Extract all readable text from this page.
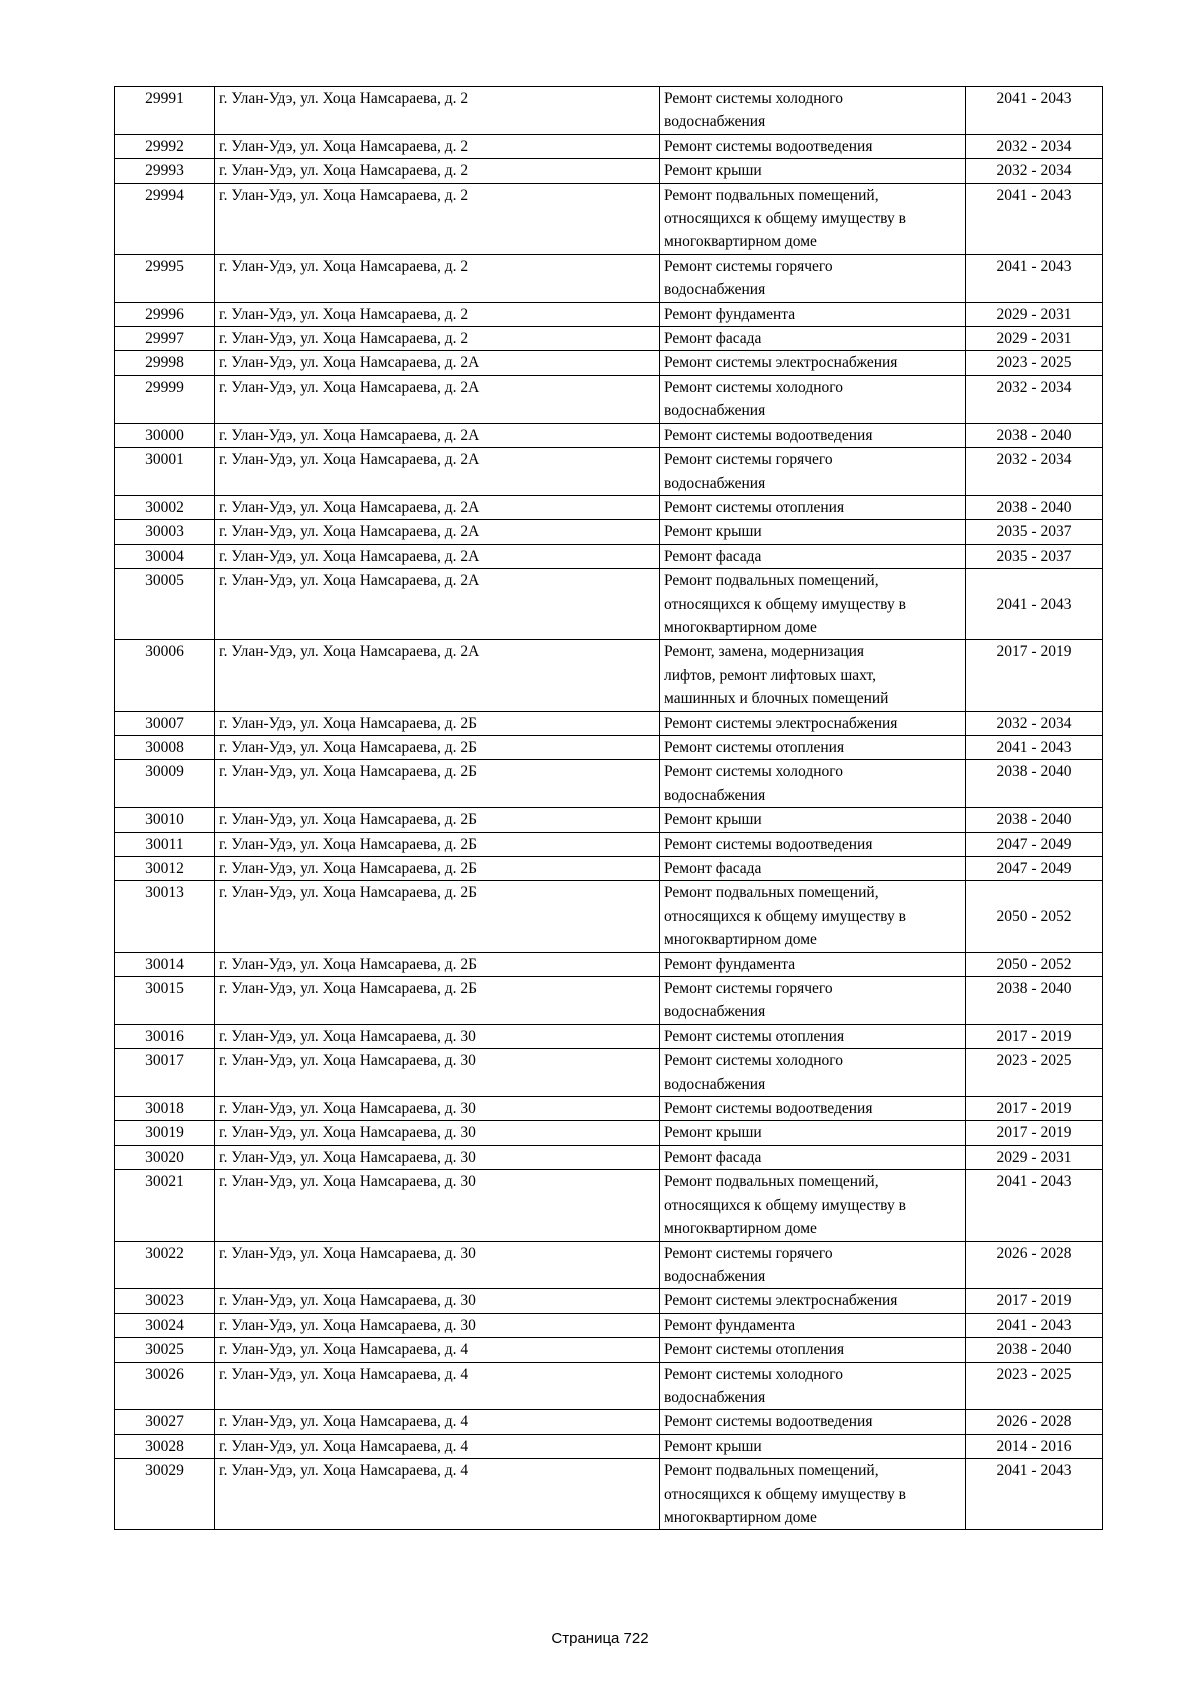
29991	г. Улан-Удэ, ул. Хоца Намсараева, д. 2	Ремонт системы холодного
водоснабжения	2041 - 2043
29992	г. Улан-Удэ, ул. Хоца Намсараева, д. 2	Ремонт системы водоотведения	2032 - 2034
29993	г. Улан-Удэ, ул. Хоца Намсараева, д. 2	Ремонт крыши	2032 - 2034
29994	г. Улан-Удэ, ул. Хоца Намсараева, д. 2	Ремонт подвальных помещений,
относящихся к общему имуществу в
многоквартирном доме	2041 - 2043
29995	г. Улан-Удэ, ул. Хоца Намсараева, д. 2	Ремонт системы горячего
водоснабжения	2041 - 2043
29996	г. Улан-Удэ, ул. Хоца Намсараева, д. 2	Ремонт фундамента	2029 - 2031
29997	г. Улан-Удэ, ул. Хоца Намсараева, д. 2	Ремонт фасада	2029 - 2031
29998	г. Улан-Удэ, ул. Хоца Намсараева, д. 2А	Ремонт системы электроснабжения	2023 - 2025
29999	г. Улан-Удэ, ул. Хоца Намсараева, д. 2А	Ремонт системы холодного
водоснабжения	2032 - 2034
30000	г. Улан-Удэ, ул. Хоца Намсараева, д. 2А	Ремонт системы водоотведения	2038 - 2040
30001	г. Улан-Удэ, ул. Хоца Намсараева, д. 2А	Ремонт системы горячего
водоснабжения	2032 - 2034
30002	г. Улан-Удэ, ул. Хоца Намсараева, д. 2А	Ремонт системы отопления	2038 - 2040
30003	г. Улан-Удэ, ул. Хоца Намсараева, д. 2А	Ремонт крыши	2035 - 2037
30004	г. Улан-Удэ, ул. Хоца Намсараева, д. 2А	Ремонт фасада	2035 - 2037
30005	г. Улан-Удэ, ул. Хоца Намсараева, д. 2А	Ремонт подвальных помещений,
относящихся к общему имуществу в
многоквартирном доме	2041 - 2043
30006	г. Улан-Удэ, ул. Хоца Намсараева, д. 2А	Ремонт, замена, модернизация
лифтов, ремонт лифтовых шахт,
машинных и блочных помещений	2017 - 2019
30007	г. Улан-Удэ, ул. Хоца Намсараева, д. 2Б	Ремонт системы электроснабжения	2032 - 2034
30008	г. Улан-Удэ, ул. Хоца Намсараева, д. 2Б	Ремонт системы отопления	2041 - 2043
30009	г. Улан-Удэ, ул. Хоца Намсараева, д. 2Б	Ремонт системы холодного
водоснабжения	2038 - 2040
30010	г. Улан-Удэ, ул. Хоца Намсараева, д. 2Б	Ремонт крыши	2038 - 2040
30011	г. Улан-Удэ, ул. Хоца Намсараева, д. 2Б	Ремонт системы водоотведения	2047 - 2049
30012	г. Улан-Удэ, ул. Хоца Намсараева, д. 2Б	Ремонт фасада	2047 - 2049
30013	г. Улан-Удэ, ул. Хоца Намсараева, д. 2Б	Ремонт подвальных помещений,
относящихся к общему имуществу в
многоквартирном доме	2050 - 2052
30014	г. Улан-Удэ, ул. Хоца Намсараева, д. 2Б	Ремонт фундамента	2050 - 2052
30015	г. Улан-Удэ, ул. Хоца Намсараева, д. 2Б	Ремонт системы горячего
водоснабжения	2038 - 2040
30016	г. Улан-Удэ, ул. Хоца Намсараева, д. 30	Ремонт системы отопления	2017 - 2019
30017	г. Улан-Удэ, ул. Хоца Намсараева, д. 30	Ремонт системы холодного
водоснабжения	2023 - 2025
30018	г. Улан-Удэ, ул. Хоца Намсараева, д. 30	Ремонт системы водоотведения	2017 - 2019
30019	г. Улан-Удэ, ул. Хоца Намсараева, д. 30	Ремонт крыши	2017 - 2019
30020	г. Улан-Удэ, ул. Хоца Намсараева, д. 30	Ремонт фасада	2029 - 2031
30021	г. Улан-Удэ, ул. Хоца Намсараева, д. 30	Ремонт подвальных помещений,
относящихся к общему имуществу в
многоквартирном доме	2041 - 2043
30022	г. Улан-Удэ, ул. Хоца Намсараева, д. 30	Ремонт системы горячего
водоснабжения	2026 - 2028
30023	г. Улан-Удэ, ул. Хоца Намсараева, д. 30	Ремонт системы электроснабжения	2017 - 2019
30024	г. Улан-Удэ, ул. Хоца Намсараева, д. 30	Ремонт фундамента	2041 - 2043
30025	г. Улан-Удэ, ул. Хоца Намсараева, д. 4	Ремонт системы отопления	2038 - 2040
30026	г. Улан-Удэ, ул. Хоца Намсараева, д. 4	Ремонт системы холодного
водоснабжения	2023 - 2025
30027	г. Улан-Удэ, ул. Хоца Намсараева, д. 4	Ремонт системы водоотведения	2026 - 2028
30028	г. Улан-Удэ, ул. Хоца Намсараева, д. 4	Ремонт крыши	2014 - 2016
30029	г. Улан-Удэ, ул. Хоца Намсараева, д. 4	Ремонт подвальных помещений,
относящихся к общему имуществу в
многоквартирном доме	2041 - 2043
Страница 722
